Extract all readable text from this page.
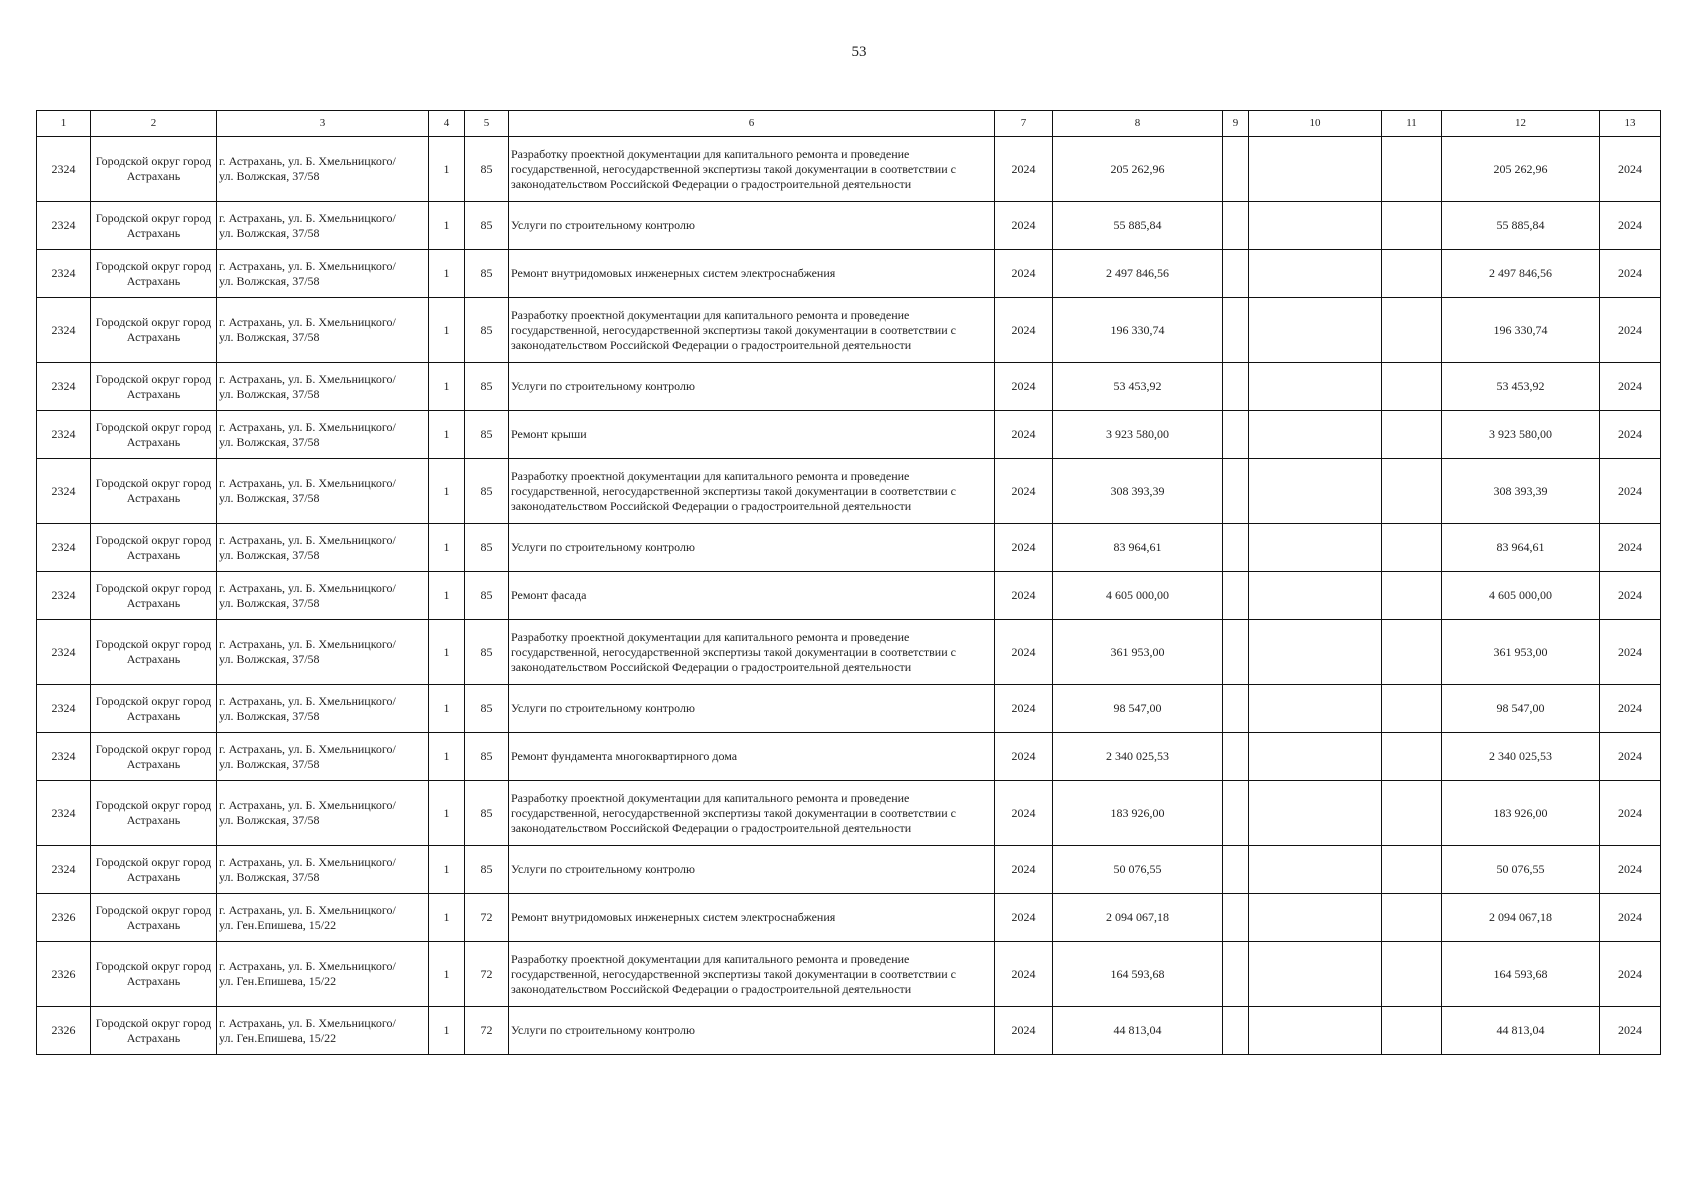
53
1	2	3	4	5	6	7	8	9	10	11	12	13
2324	Городской округ город Астрахань	г. Астрахань, ул. Б. Хмельницкого/
ул. Волжская, 37/58	1	85	Разработку проектной документации для капитального ремонта и проведение государственной, негосударственной экспертизы такой документации в соответствии с законодательством Российской Федерации о градостроительной деятельности	2024	205 262,96				205 262,96	2024
2324	Городской округ город Астрахань	г. Астрахань, ул. Б. Хмельницкого/
ул. Волжская, 37/58	1	85	Услуги по строительному контролю	2024	55 885,84				55 885,84	2024
2324	Городской округ город Астрахань	г. Астрахань, ул. Б. Хмельницкого/
ул. Волжская, 37/58	1	85	Ремонт внутридомовых инженерных систем электроснабжения	2024	2 497 846,56				2 497 846,56	2024
2324	Городской округ город Астрахань	г. Астрахань, ул. Б. Хмельницкого/
ул. Волжская, 37/58	1	85	Разработку проектной документации для капитального ремонта и проведение государственной, негосударственной экспертизы такой документации в соответствии с законодательством Российской Федерации о градостроительной деятельности	2024	196 330,74				196 330,74	2024
2324	Городской округ город Астрахань	г. Астрахань, ул. Б. Хмельницкого/
ул. Волжская, 37/58	1	85	Услуги по строительному контролю	2024	53 453,92				53 453,92	2024
2324	Городской округ город Астрахань	г. Астрахань, ул. Б. Хмельницкого/
ул. Волжская, 37/58	1	85	Ремонт крыши	2024	3 923 580,00				3 923 580,00	2024
2324	Городской округ город Астрахань	г. Астрахань, ул. Б. Хмельницкого/
ул. Волжская, 37/58	1	85	Разработку проектной документации для капитального ремонта и проведение государственной, негосударственной экспертизы такой документации в соответствии с законодательством Российской Федерации о градостроительной деятельности	2024	308 393,39				308 393,39	2024
2324	Городской округ город Астрахань	г. Астрахань, ул. Б. Хмельницкого/
ул. Волжская, 37/58	1	85	Услуги по строительному контролю	2024	83 964,61				83 964,61	2024
2324	Городской округ город Астрахань	г. Астрахань, ул. Б. Хмельницкого/
ул. Волжская, 37/58	1	85	Ремонт фасада	2024	4 605 000,00				4 605 000,00	2024
2324	Городской округ город Астрахань	г. Астрахань, ул. Б. Хмельницкого/
ул. Волжская, 37/58	1	85	Разработку проектной документации для капитального ремонта и проведение государственной, негосударственной экспертизы такой документации в соответствии с законодательством Российской Федерации о градостроительной деятельности	2024	361 953,00				361 953,00	2024
2324	Городской округ город Астрахань	г. Астрахань, ул. Б. Хмельницкого/
ул. Волжская, 37/58	1	85	Услуги по строительному контролю	2024	98 547,00				98 547,00	2024
2324	Городской округ город Астрахань	г. Астрахань, ул. Б. Хмельницкого/
ул. Волжская, 37/58	1	85	Ремонт фундамента многоквартирного дома	2024	2 340 025,53				2 340 025,53	2024
2324	Городской округ город Астрахань	г. Астрахань, ул. Б. Хмельницкого/
ул. Волжская, 37/58	1	85	Разработку проектной документации для капитального ремонта и проведение государственной, негосударственной экспертизы такой документации в соответствии с законодательством Российской Федерации о градостроительной деятельности	2024	183 926,00				183 926,00	2024
2324	Городской округ город Астрахань	г. Астрахань, ул. Б. Хмельницкого/
ул. Волжская, 37/58	1	85	Услуги по строительному контролю	2024	50 076,55				50 076,55	2024
2326	Городской округ город Астрахань	г. Астрахань, ул. Б. Хмельницкого/
ул. Ген.Епишева, 15/22	1	72	Ремонт внутридомовых инженерных систем электроснабжения	2024	2 094 067,18				2 094 067,18	2024
2326	Городской округ город Астрахань	г. Астрахань, ул. Б. Хмельницкого/
ул. Ген.Епишева, 15/22	1	72	Разработку проектной документации для капитального ремонта и проведение государственной, негосударственной экспертизы такой документации в соответствии с законодательством Российской Федерации о градостроительной деятельности	2024	164 593,68				164 593,68	2024
2326	Городской округ город Астрахань	г. Астрахань, ул. Б. Хмельницкого/
ул. Ген.Епишева, 15/22	1	72	Услуги по строительному контролю	2024	44 813,04				44 813,04	2024
